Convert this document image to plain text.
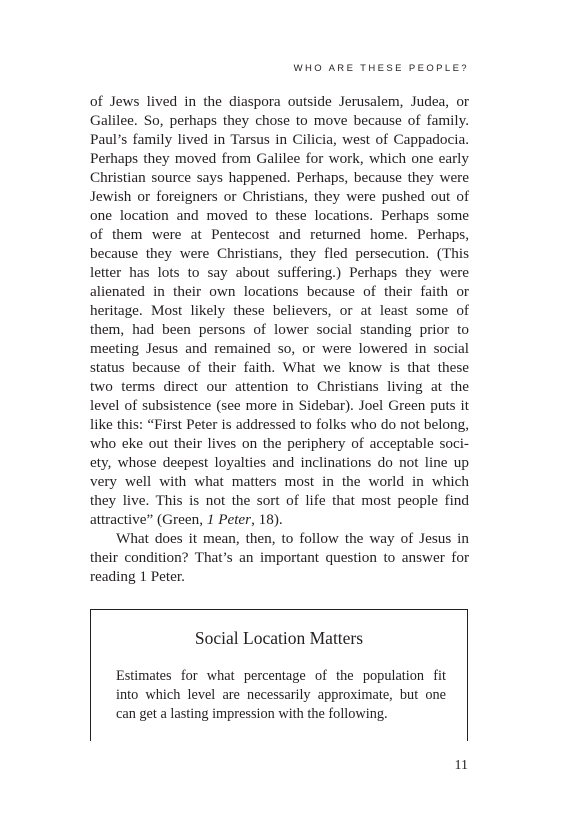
WHO ARE THESE PEOPLE?
of Jews lived in the diaspora outside Jerusalem, Judea, or
Galilee. So, perhaps they chose to move because of family.
Paul’s family lived in Tarsus in Cilicia, west of Cappadocia.
Perhaps they moved from Galilee for work, which one early
Christian source says happened. Perhaps, because they were
Jewish or foreigners or Christians, they were pushed out of
one location and moved to these locations. Perhaps some
of them were at Pentecost and returned home. Perhaps,
because they were Christians, they fled persecution. (This
letter has lots to say about suffering.) Perhaps they were
alienated in their own locations because of their faith or
heritage. Most likely these believers, or at least some of
them, had been persons of lower social standing prior to
meeting Jesus and remained so, or were lowered in social
status because of their faith. What we know is that these
two terms direct our attention to Christians living at the
level of subsistence (see more in Sidebar). Joel Green puts it
like this: “First Peter is addressed to folks who do not belong,
who eke out their lives on the periphery of acceptable soci-
ety, whose deepest loyalties and inclinations do not line up
very well with what matters most in the world in which
they live. This is not the sort of life that most people find
attractive” (Green, 1 Peter, 18).
What does it mean, then, to follow the way of Jesus in
their condition? That’s an important question to answer for
reading 1 Peter.
Social Location Matters
Estimates for what percentage of the population fit
into which level are necessarily approximate, but one
can get a lasting impression with the following.
11
